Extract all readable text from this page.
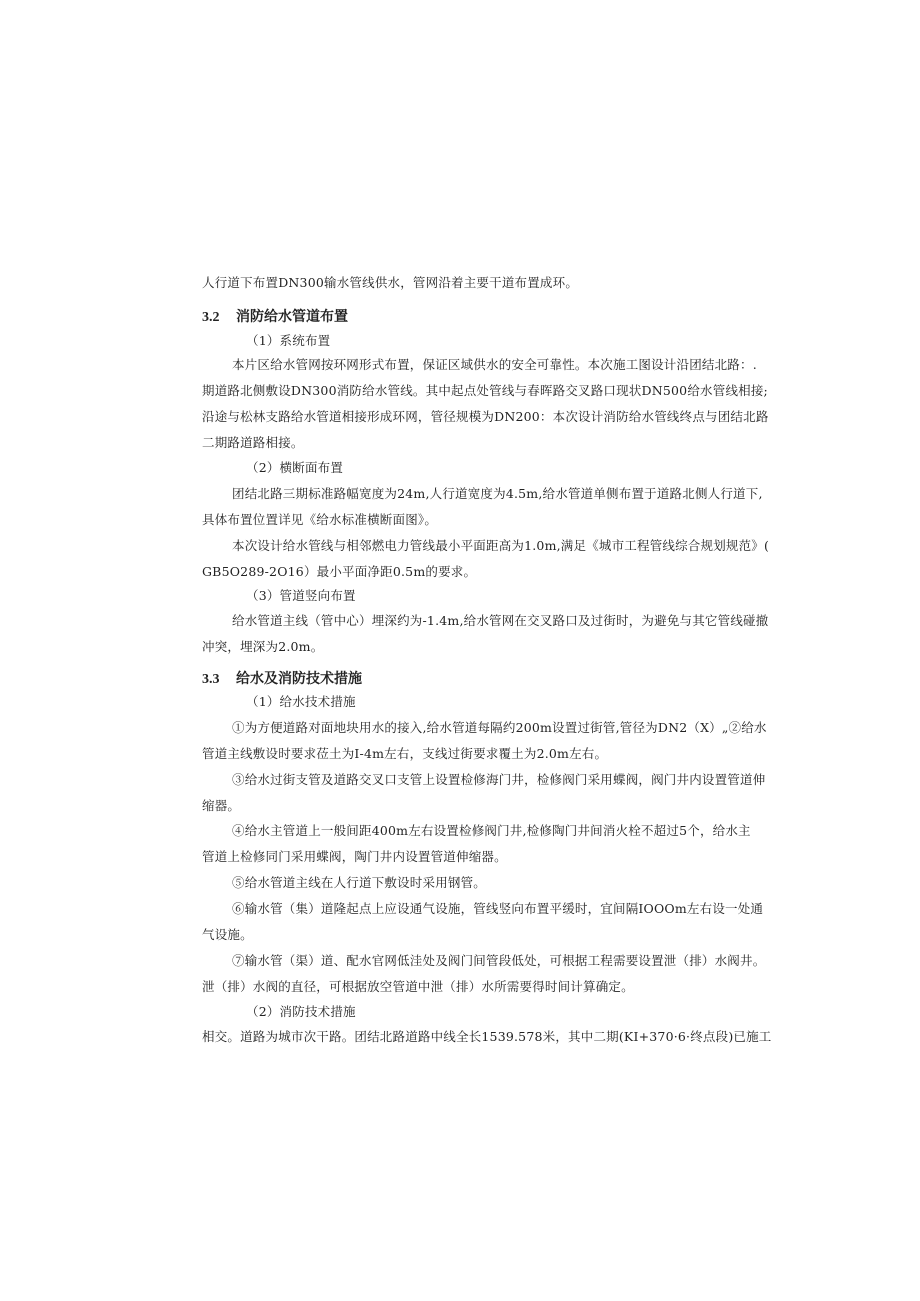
人行道下布置DN300输水管线供水，管网沿着主要干道布置成环。
3.2 消防给水管道布置
（1）系统布置
本片区给水管网按环网形式布置，保证区域供水的安全可靠性。本次施工图设计沿团结北路：.
期道路北侧敷设DN300消防给水管线。其中起点处管线与春晖路交叉路口现状DN500给水管线相接;
沿途与松林支路给水管道相接形成环网，管径规模为DN200：本次设计消防给水管线终点与团结北路
二期路道路相接。
（2）横断面布置
团结北路三期标准路幅宽度为24m,人行道宽度为4.5m,给水管道单侧布置于道路北侧人行道下,
具体布置位置详见《给水标准横断面图》。
本次设计给水管线与相邻燃电力管线最小平面距高为1.0m,满足《城市工程管线综合规划规范》(
GB5O289-2O16）最小平面净距0.5m的要求。
（3）管道竖向布置
给水管道主线（管中心）埋深约为-1.4m,给水管网在交叉路口及过街时，为避免与其它管线碰撤
冲突，埋深为2.0m。
3.3 给水及消防技术措施
（1）给水技术措施
①为方便道路对面地块用水的接入,给水管道每隔约200m设置过街管,管径为DN2（X）„②给水
管道主线敷设时要求莅土为I-4m左右，支线过街要求覆土为2.0m左右。
③给水过街支管及道路交叉口支管上设置检修海门井，检修阀门采用蝶阀，阀门井内设置管道伸
缩器。
④给水主管道上一般间距400m左右设置检修阀门井,检修陶门井间消火栓不超过5个，给水主
管道上检修同门采用蝶阀，陶门井内设置管道伸缩器。
⑤给水管道主线在人行道下敷设时采用钢管。
⑥输水管（集）道隆起点上应设通气设施，管线竖向布置平缓时，宜间隔IOOOm左右设一处通
气设施。
⑦输水管（渠）道、配水官网低洼处及阀门间管段低处，可根据工程需要设置泄（排）水阀井。
泄（排）水阀的直径，可根据放空管道中泄（排）水所需要得时间计算确定。
（2）消防技术措施
相交。道路为城市次干路。团结北路道路中线全长1539.578米，其中二期(KI+370·6·终点段)已施工
